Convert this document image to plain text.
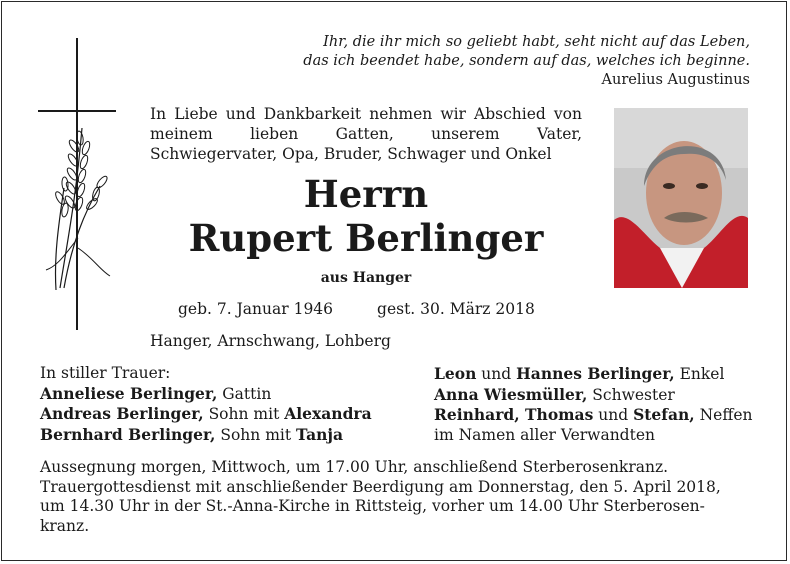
Ihr, die ihr mich so geliebt habt, seht nicht auf das Leben,
das ich beendet habe, sondern auf das, welches ich beginne.
Aurelius Augustinus
In Liebe und Dankbarkeit nehmen wir Abschied von meinem lieben Gatten, unserem Vater, Schwiegervater, Opa, Bruder, Schwager und Onkel
Herrn
Rupert Berlinger
aus Hanger
geb. 7. Januar 1946	gest. 30. März 2018
Hanger, Arnschwang, Lohberg
In stiller Trauer:
Anneliese Berlinger, Gattin
Andreas Berlinger, Sohn mit Alexandra
Bernhard Berlinger, Sohn mit Tanja
Leon und Hannes Berlinger, Enkel
Anna Wiesmüller, Schwester
Reinhard, Thomas und Stefan, Neffen
im Namen aller Verwandten
Aussegnung morgen, Mittwoch, um 17.00 Uhr, anschließend Sterberosenkranz.
Trauergottesdienst mit anschließender Beerdigung am Donnerstag, den 5. April 2018,
um 14.30 Uhr in der St.-Anna-Kirche in Rittsteig, vorher um 14.00 Uhr Sterberosen-
kranz.
